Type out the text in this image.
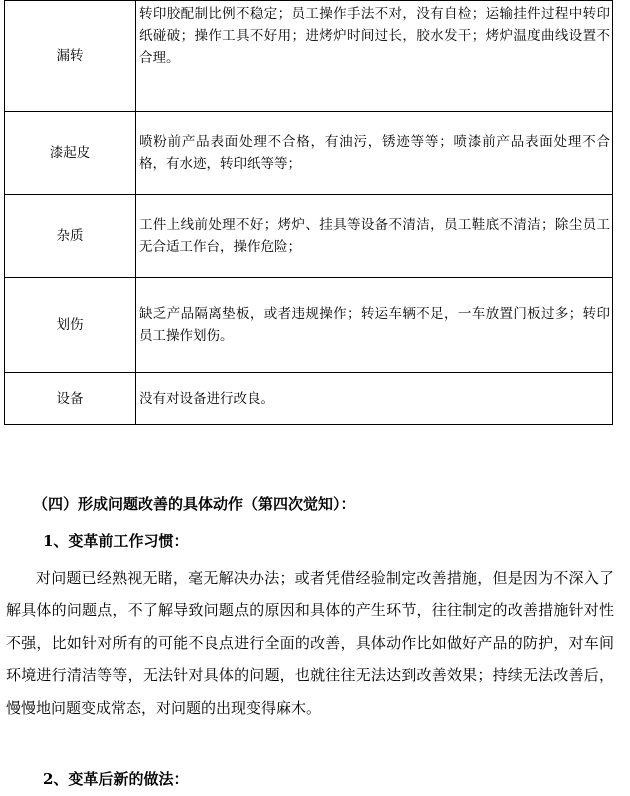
漏转	转印胶配制比例不稳定；员工操作手法不对，没有自检；运输挂件过程中转印纸碰破；操作工具不好用；进烤炉时间过长，胶水发干；烤炉温度曲线设置不合理。
漆起皮	喷粉前产品表面处理不合格，有油污，锈迹等等；喷漆前产品表面处理不合格，有水迹，转印纸等等；
杂质	工件上线前处理不好；烤炉、挂具等设备不清洁，员工鞋底不清洁；除尘员工无合适工作台，操作危险；
划伤	缺乏产品隔离垫板，或者违规操作；转运车辆不足，一车放置门板过多；转印员工操作划伤。
设备	没有对设备进行改良。
（四）形成问题改善的具体动作（第四次觉知）：
1、变革前工作习惯：

对问题已经熟视无睹，毫无解决办法；或者凭借经验制定改善措施，但是因为不深入了解具体的问题点，不了解导致问题点的原因和具体的产生环节，往往制定的改善措施针对性不强，比如针对所有的可能不良点进行全面的改善，具体动作比如做好产品的防护，对车间环境进行清洁等等，无法针对具体的问题，也就往往无法达到改善效果；持续无法改善后，慢慢地问题变成常态，对问题的出现变得麻木。

2、变革后新的做法：
